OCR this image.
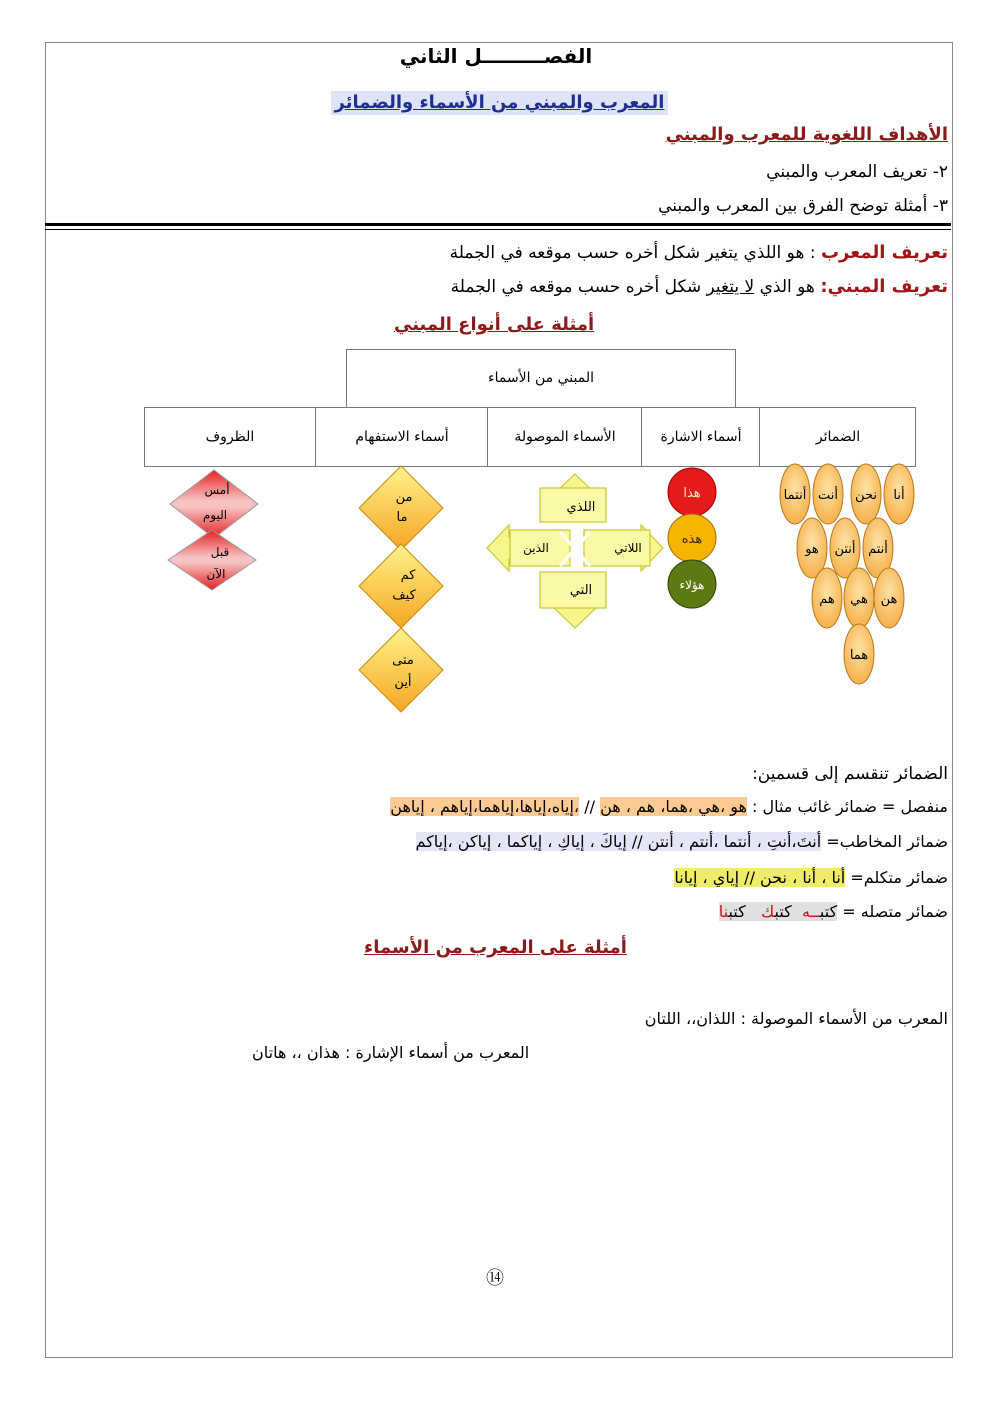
الفصـــــــــل الثاني
المعرب والمبني من الأسماء والضمائر
الأهداف اللغوية للمعرب والمبني
٢- تعريف المعرب والمبني
٣- أمثلة توضح الفرق بين المعرب والمبني
تعريف المعرب : هو اللذي يتغير شكل أخره حسب موقعه في الجملة
تعريف المبني: هو الذي لا يتغير شكل أخره حسب موقعه في الجملة
أمثلة على أنواع المبني
المبني من الأسماء
الظروف	أسماء الاستفهام	الأسماء الموصولة	أسماء الاشارة	الضمائر
أنا
نحن
أنت
أنتما
أنتم
أنتن
هو
هن
هي
هم
هما
هذا
هذه
هؤلاء
اللذي
الذين	اللاتي
التي
من
ما
كم
كيف
متى
أين
أمس
اليوم
قبل
الآن
الضمائر تنقسم إلى قسمين:
منفصل = ضمائر غائب مثال : هو ،هي ،هما، هم ، هن // ،إياه،إياها،إياهما،إياهم ، إياهن
ضمائر المخاطب= أنتَ،أنتِ ، أنتما ،أنتم ، أنتن // إياكَ ، إياكِ ، إياكما ، إياكن ،إياكم
ضمائر متكلم= أنا ، أنا ، نحن // إياي ، إيانا
ضمائر متصله = كتبــه  كتبك   كتبنا
أمثلة على المعرب من الأسماء
المعرب من الأسماء الموصولة : اللذان،، اللتان
المعرب من أسماء الإشارة : هذان ،، هاتان
⑭
